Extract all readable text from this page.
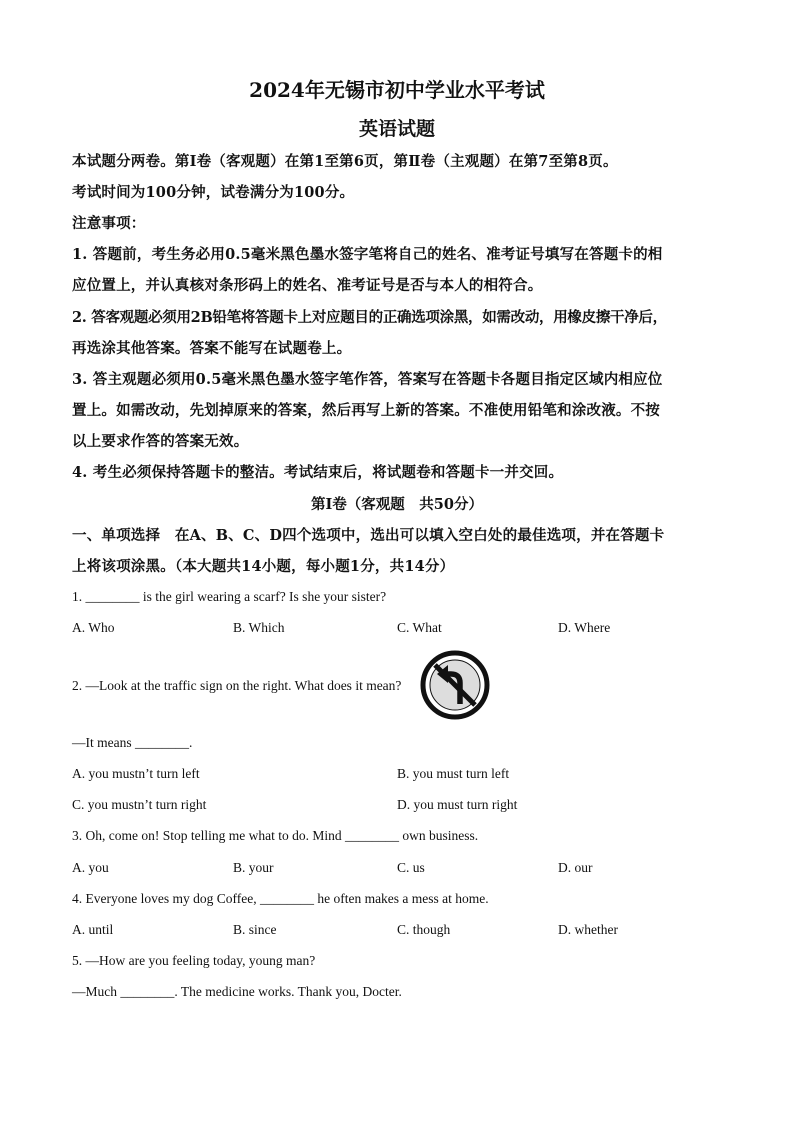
2024年无锡市初中学业水平考试
英语试题
本试题分两卷。第Ⅰ卷（客观题）在第1至第6页，第Ⅱ卷（主观题）在第7至第8页。
考试时间为100分钟，试卷满分为100分。
注意事项：
1. 答题前，考生务必用0.5毫米黑色墨水签字笔将自己的姓名、准考证号填写在答题卡的相
应位置上，并认真核对条形码上的姓名、准考证号是否与本人的相符合。
2. 答客观题必须用2B铅笔将答题卡上对应题目的正确选项涂黑，如需改动，用橡皮擦干净后，
再选涂其他答案。答案不能写在试题卷上。
3. 答主观题必须用0.5毫米黑色墨水签字笔作答，答案写在答题卡各题目指定区域内相应位
置上。如需改动，先划掉原来的答案，然后再写上新的答案。不准使用铅笔和涂改液。不按
以上要求作答的答案无效。
4. 考生必须保持答题卡的整洁。考试结束后，将试题卷和答题卡一并交回。
第Ⅰ卷（客观题　共50分）
一、单项选择　在A、B、C、D四个选项中，选出可以填入空白处的最佳选项，并在答题卡
上将该项涂黑。（本大题共14小题，每小题1分，共14分）
1. ________ is the girl wearing a scarf? Is she your sister?
A. Who	B. Which	C. What	D. Where
2. —Look at the traffic sign on the right. What does it mean?
—It means ________.
A. you mustn’t turn left	B. you must turn left
C. you mustn’t turn right	D. you must turn right
3. Oh, come on! Stop telling me what to do. Mind ________ own business.
A. you	B. your	C. us	D. our
4. Everyone loves my dog Coffee, ________ he often makes a mess at home.
A. until	B. since	C. though	D. whether
5. —How are you feeling today, young man?
—Much ________. The medicine works. Thank you, Docter.
